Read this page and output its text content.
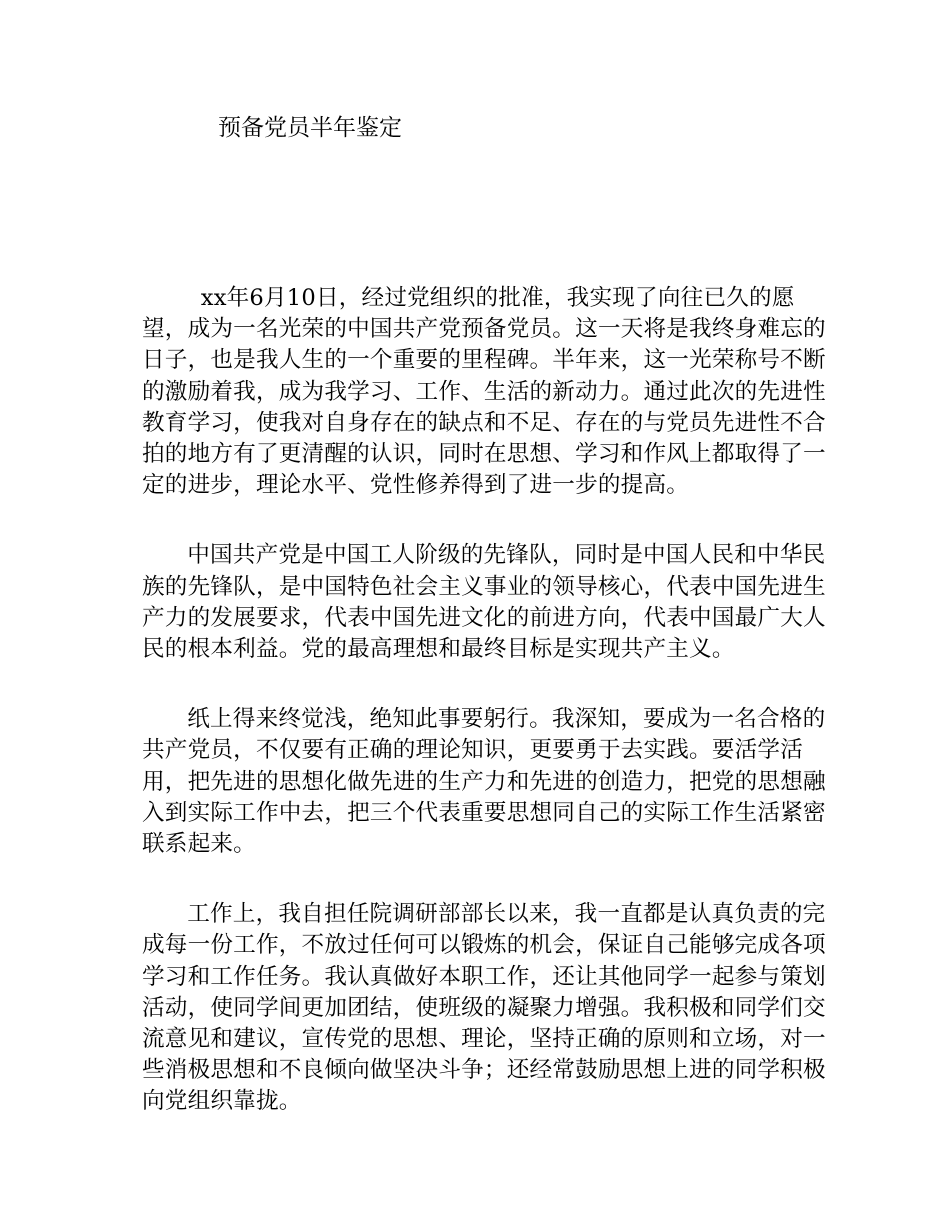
预备党员半年鉴定

xx年6月10日，经过党组织的批准，我实现了向往已久的愿望，成为一名光荣的中国共产党预备党员。这一天将是我终身难忘的日子，也是我人生的一个重要的里程碑。半年来，这一光荣称号不断的激励着我，成为我学习、工作、生活的新动力。通过此次的先进性教育学习，使我对自身存在的缺点和不足、存在的与党员先进性不合拍的地方有了更清醒的认识，同时在思想、学习和作风上都取得了一定的进步，理论水平、党性修养得到了进一步的提高。

中国共产党是中国工人阶级的先锋队，同时是中国人民和中华民族的先锋队，是中国特色社会主义事业的领导核心，代表中国先进生产力的发展要求，代表中国先进文化的前进方向，代表中国最广大人民的根本利益。党的最高理想和最终目标是实现共产主义。

纸上得来终觉浅，绝知此事要躬行。我深知，要成为一名合格的共产党员，不仅要有正确的理论知识，更要勇于去实践。要活学活用，把先进的思想化做先进的生产力和先进的创造力，把党的思想融入到实际工作中去，把三个代表重要思想同自己的实际工作生活紧密联系起来。

工作上，我自担任院调研部部长以来，我一直都是认真负责的完成每一份工作，不放过任何可以锻炼的机会，保证自己能够完成各项学习和工作任务。我认真做好本职工作，还让其他同学一起参与策划活动，使同学间更加团结，使班级的凝聚力增强。我积极和同学们交流意见和建议，宣传党的思想、理论，坚持正确的原则和立场，对一些消极思想和不良倾向做坚决斗争；还经常鼓励思想上进的同学积极向党组织靠拢。
